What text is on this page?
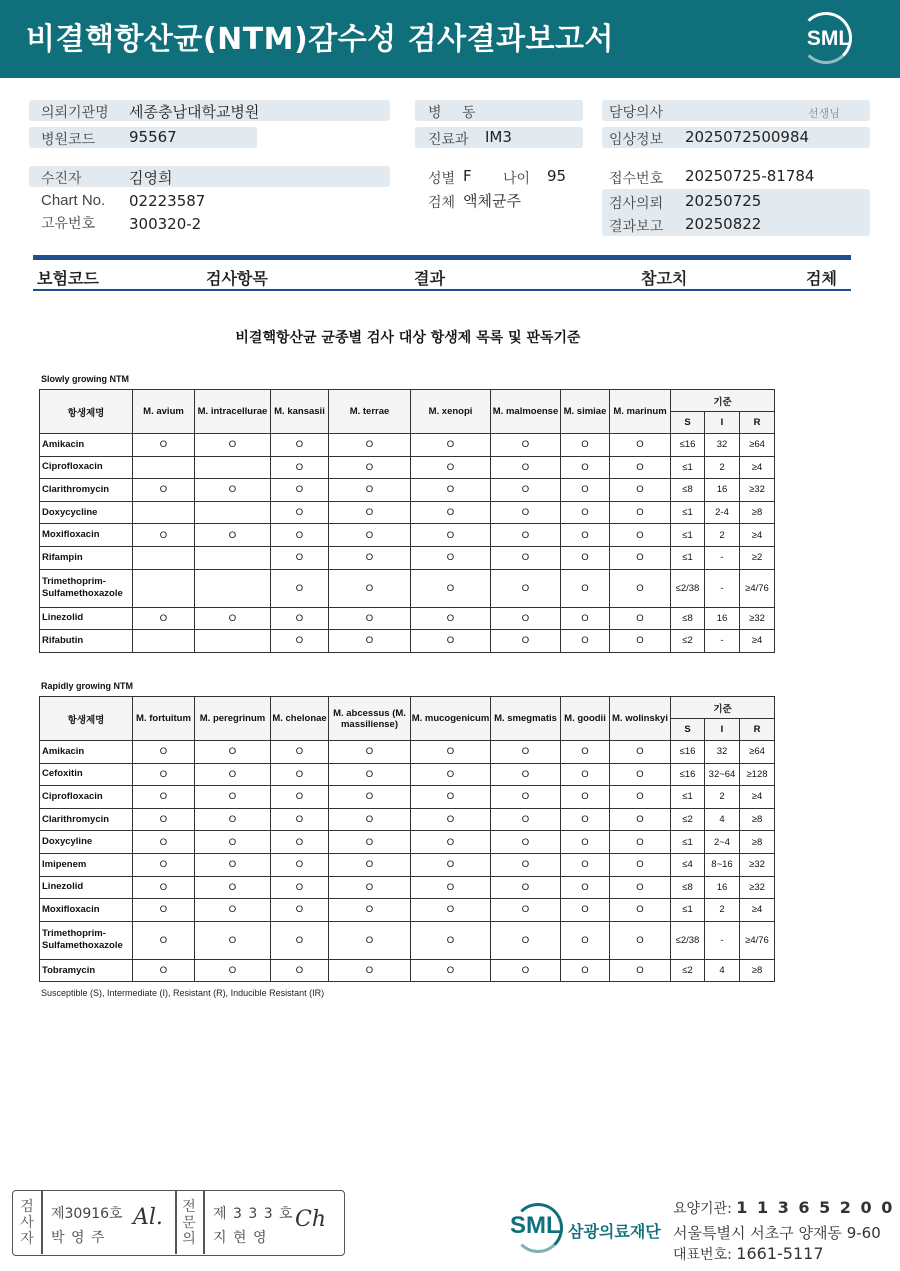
비결핵항산균(NTM)감수성 검사결과보고서	SML
의뢰기관명 세종충남대학교병원
병원코드 95567
병 동
진료과 IM3
담당의사	선생님
임상정보 2025072500984
수진자	김영희
Chart No. 02223587
고유번호 300320-2
성별 F 나이 95
검체 액체균주
접수번호 20250725-81784
검사의뢰 20250725
결과보고 20250822
보험코드	검사항목	결과	참고치	검체
비결핵항산균 균종별 검사 대상 항생제 목록 및 판독기준
Slowly growing NTM
항생제명	M. avium	M. intracellurae	M. kansasii	M. terrae	M. xenopi	M. malmoense	M. simiae	M. marinum	기준		
									S	I	R
Amikacin	O	O	O	O	O	O	O	O	≤16	32	≥64
Ciprofloxacin			O	O	O	O	O	O	≤1	2	≥4
Clarithromycin	O	O	O	O	O	O	O	O	≤8	16	≥32
Doxycycline			O	O	O	O	O	O	≤1	2-4	≥8
Moxifloxacin	O	O	O	O	O	O	O	O	≤1	2	≥4
Rifampin			O	O	O	O	O	O	≤1	-	≥2
Trimethoprim-Sulfamethoxazole			O	O	O	O	O	O	≤2/38	-	≥4/76
Linezolid	O	O	O	O	O	O	O	O	≤8	16	≥32
Rifabutin			O	O	O	O	O	O	≤2	-	≥4
Rapidly growing NTM
항생제명	M. fortuitum	M. peregrinum	M. chelonae	M. abcessus (M. massiliense)	M. mucogenicum	M. smegmatis	M. goodii	M. wolinskyi	기준		
									S	I	R
Amikacin	O	O	O	O	O	O	O	O	≤16	32	≥64
Cefoxitin	O	O	O	O	O	O	O	O	≤16	32~64	≥128
Ciprofloxacin	O	O	O	O	O	O	O	O	≤1	2	≥4
Clarithromycin	O	O	O	O	O	O	O	O	≤2	4	≥8
Doxycyline	O	O	O	O	O	O	O	O	≤1	2~4	≥8
Imipenem	O	O	O	O	O	O	O	O	≤4	8~16	≥32
Linezolid	O	O	O	O	O	O	O	O	≤8	16	≥32
Moxifloxacin	O	O	O	O	O	O	O	O	≤1	2	≥4
Trimethoprim-Sulfamethoxazole	O	O	O	O	O	O	O	O	≤2/38	-	≥4/76
Tobramycin	O	O	O	O	O	O	O	O	≤2	4	≥8
Susceptible (S), Intermediate (I), Resistant (R), Inducible Resistant (IR)
검
사
자
제30916호
박 영 주
Al. 전
문
의
제 3 3 3 호
지 현 영
Ch	SML 삼광의료재단
요양기관: 1 1 3 6 5 2 0 0
서울특별시 서초구 양재동 9-60
대표번호: 1661-5117
